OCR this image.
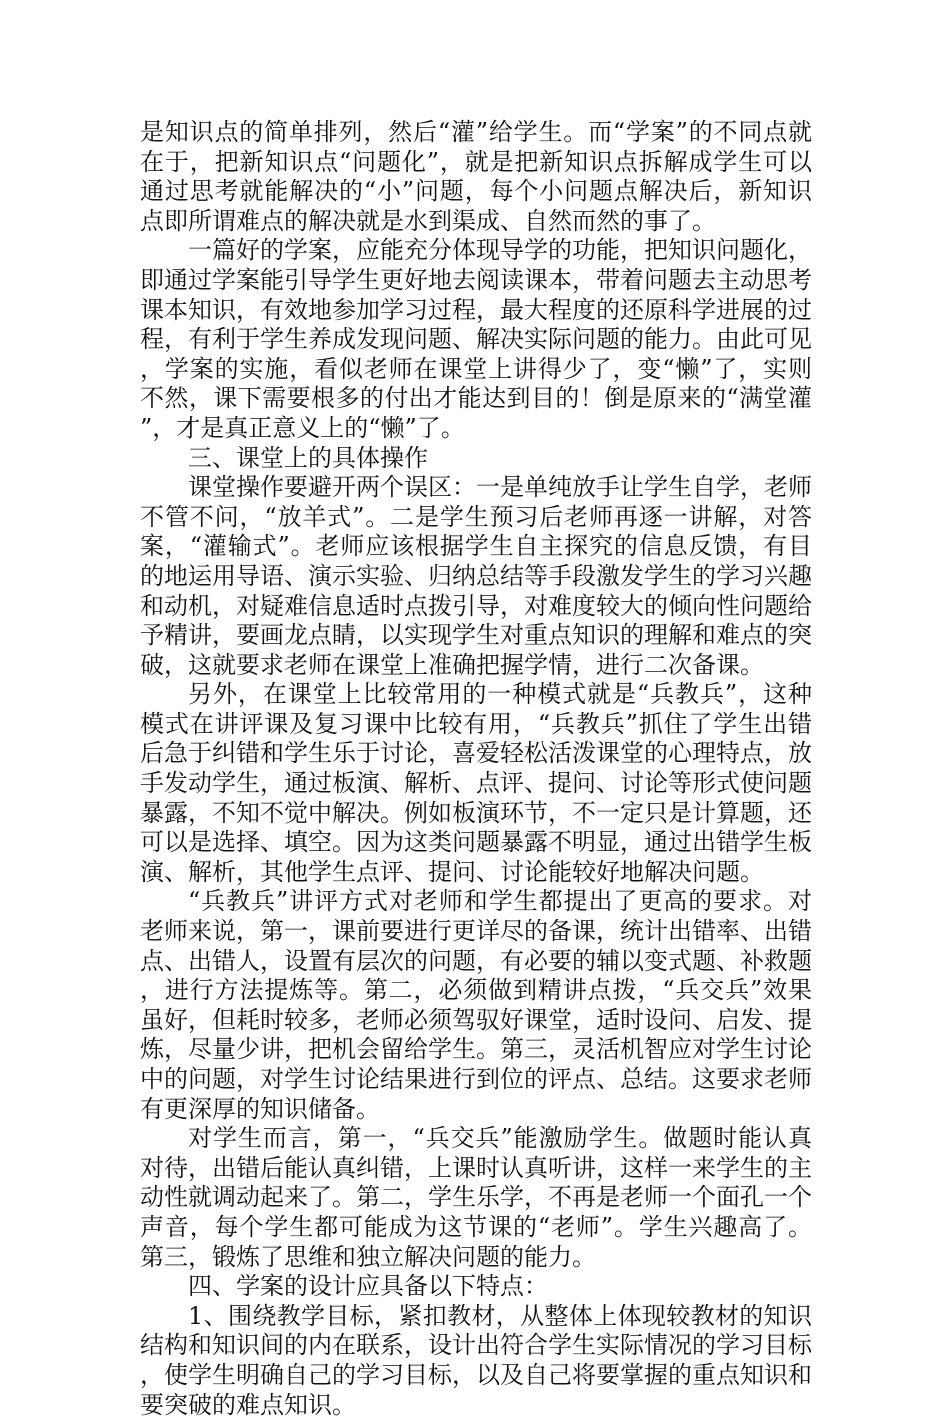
是知识点的简单排列，然后“灌”给学生。而“学案”的不同点就在于，把新知识点“问题化”，就是把新知识点拆解成学生可以通过思考就能解决的“小”问题，每个小问题点解决后，新知识点即所谓难点的解决就是水到渠成、自然而然的事了。

一篇好的学案，应能充分体现导学的功能，把知识问题化，即通过学案能引导学生更好地去阅读课本，带着问题去主动思考课本知识，有效地参加学习过程，最大程度的还原科学进展的过程，有利于学生养成发现问题、解决实际问题的能力。由此可见，学案的实施，看似老师在课堂上讲得少了，变“懒”了，实则不然，课下需要根多的付出才能达到目的！倒是原来的“满堂灌”，才是真正意义上的“懒”了。

三、课堂上的具体操作

课堂操作要避开两个误区：一是单纯放手让学生自学，老师不管不问，“放羊式”。二是学生预习后老师再逐一讲解，对答案，“灌输式”。老师应该根据学生自主探究的信息反馈，有目的地运用导语、演示实验、归纳总结等手段激发学生的学习兴趣和动机，对疑难信息适时点拨引导，对难度较大的倾向性问题给予精讲，要画龙点睛，以实现学生对重点知识的理解和难点的突破，这就要求老师在课堂上准确把握学情，进行二次备课。

另外，在课堂上比较常用的一种模式就是“兵教兵”，这种模式在讲评课及复习课中比较有用，“兵教兵”抓住了学生出错后急于纠错和学生乐于讨论，喜爱轻松活泼课堂的心理特点，放手发动学生，通过板演、解析、点评、提问、讨论等形式使问题暴露，不知不觉中解决。例如板演环节，不一定只是计算题，还可以是选择、填空。因为这类问题暴露不明显，通过出错学生板演、解析，其他学生点评、提问、讨论能较好地解决问题。

“兵教兵”讲评方式对老师和学生都提出了更高的要求。对老师来说，第一，课前要进行更详尽的备课，统计出错率、出错点、出错人，设置有层次的问题，有必要的辅以变式题、补救题，进行方法提炼等。第二，必须做到精讲点拨，“兵交兵”效果虽好，但耗时较多，老师必须驾驭好课堂，适时设问、启发、提炼，尽量少讲，把机会留给学生。第三，灵活机智应对学生讨论中的问题，对学生讨论结果进行到位的评点、总结。这要求老师有更深厚的知识储备。

对学生而言，第一，“兵交兵”能激励学生。做题时能认真对待，出错后能认真纠错，上课时认真听讲，这样一来学生的主动性就调动起来了。第二，学生乐学，不再是老师一个面孔一个声音，每个学生都可能成为这节课的“老师”。学生兴趣高了。第三，锻炼了思维和独立解决问题的能力。

四、学案的设计应具备以下特点：

1、围绕教学目标，紧扣教材，从整体上体现较教材的知识结构和知识间的内在联系，设计出符合学生实际情况的学习目标，使学生明确自己的学习目标，以及自己将要掌握的重点知识和要突破的难点知识。
